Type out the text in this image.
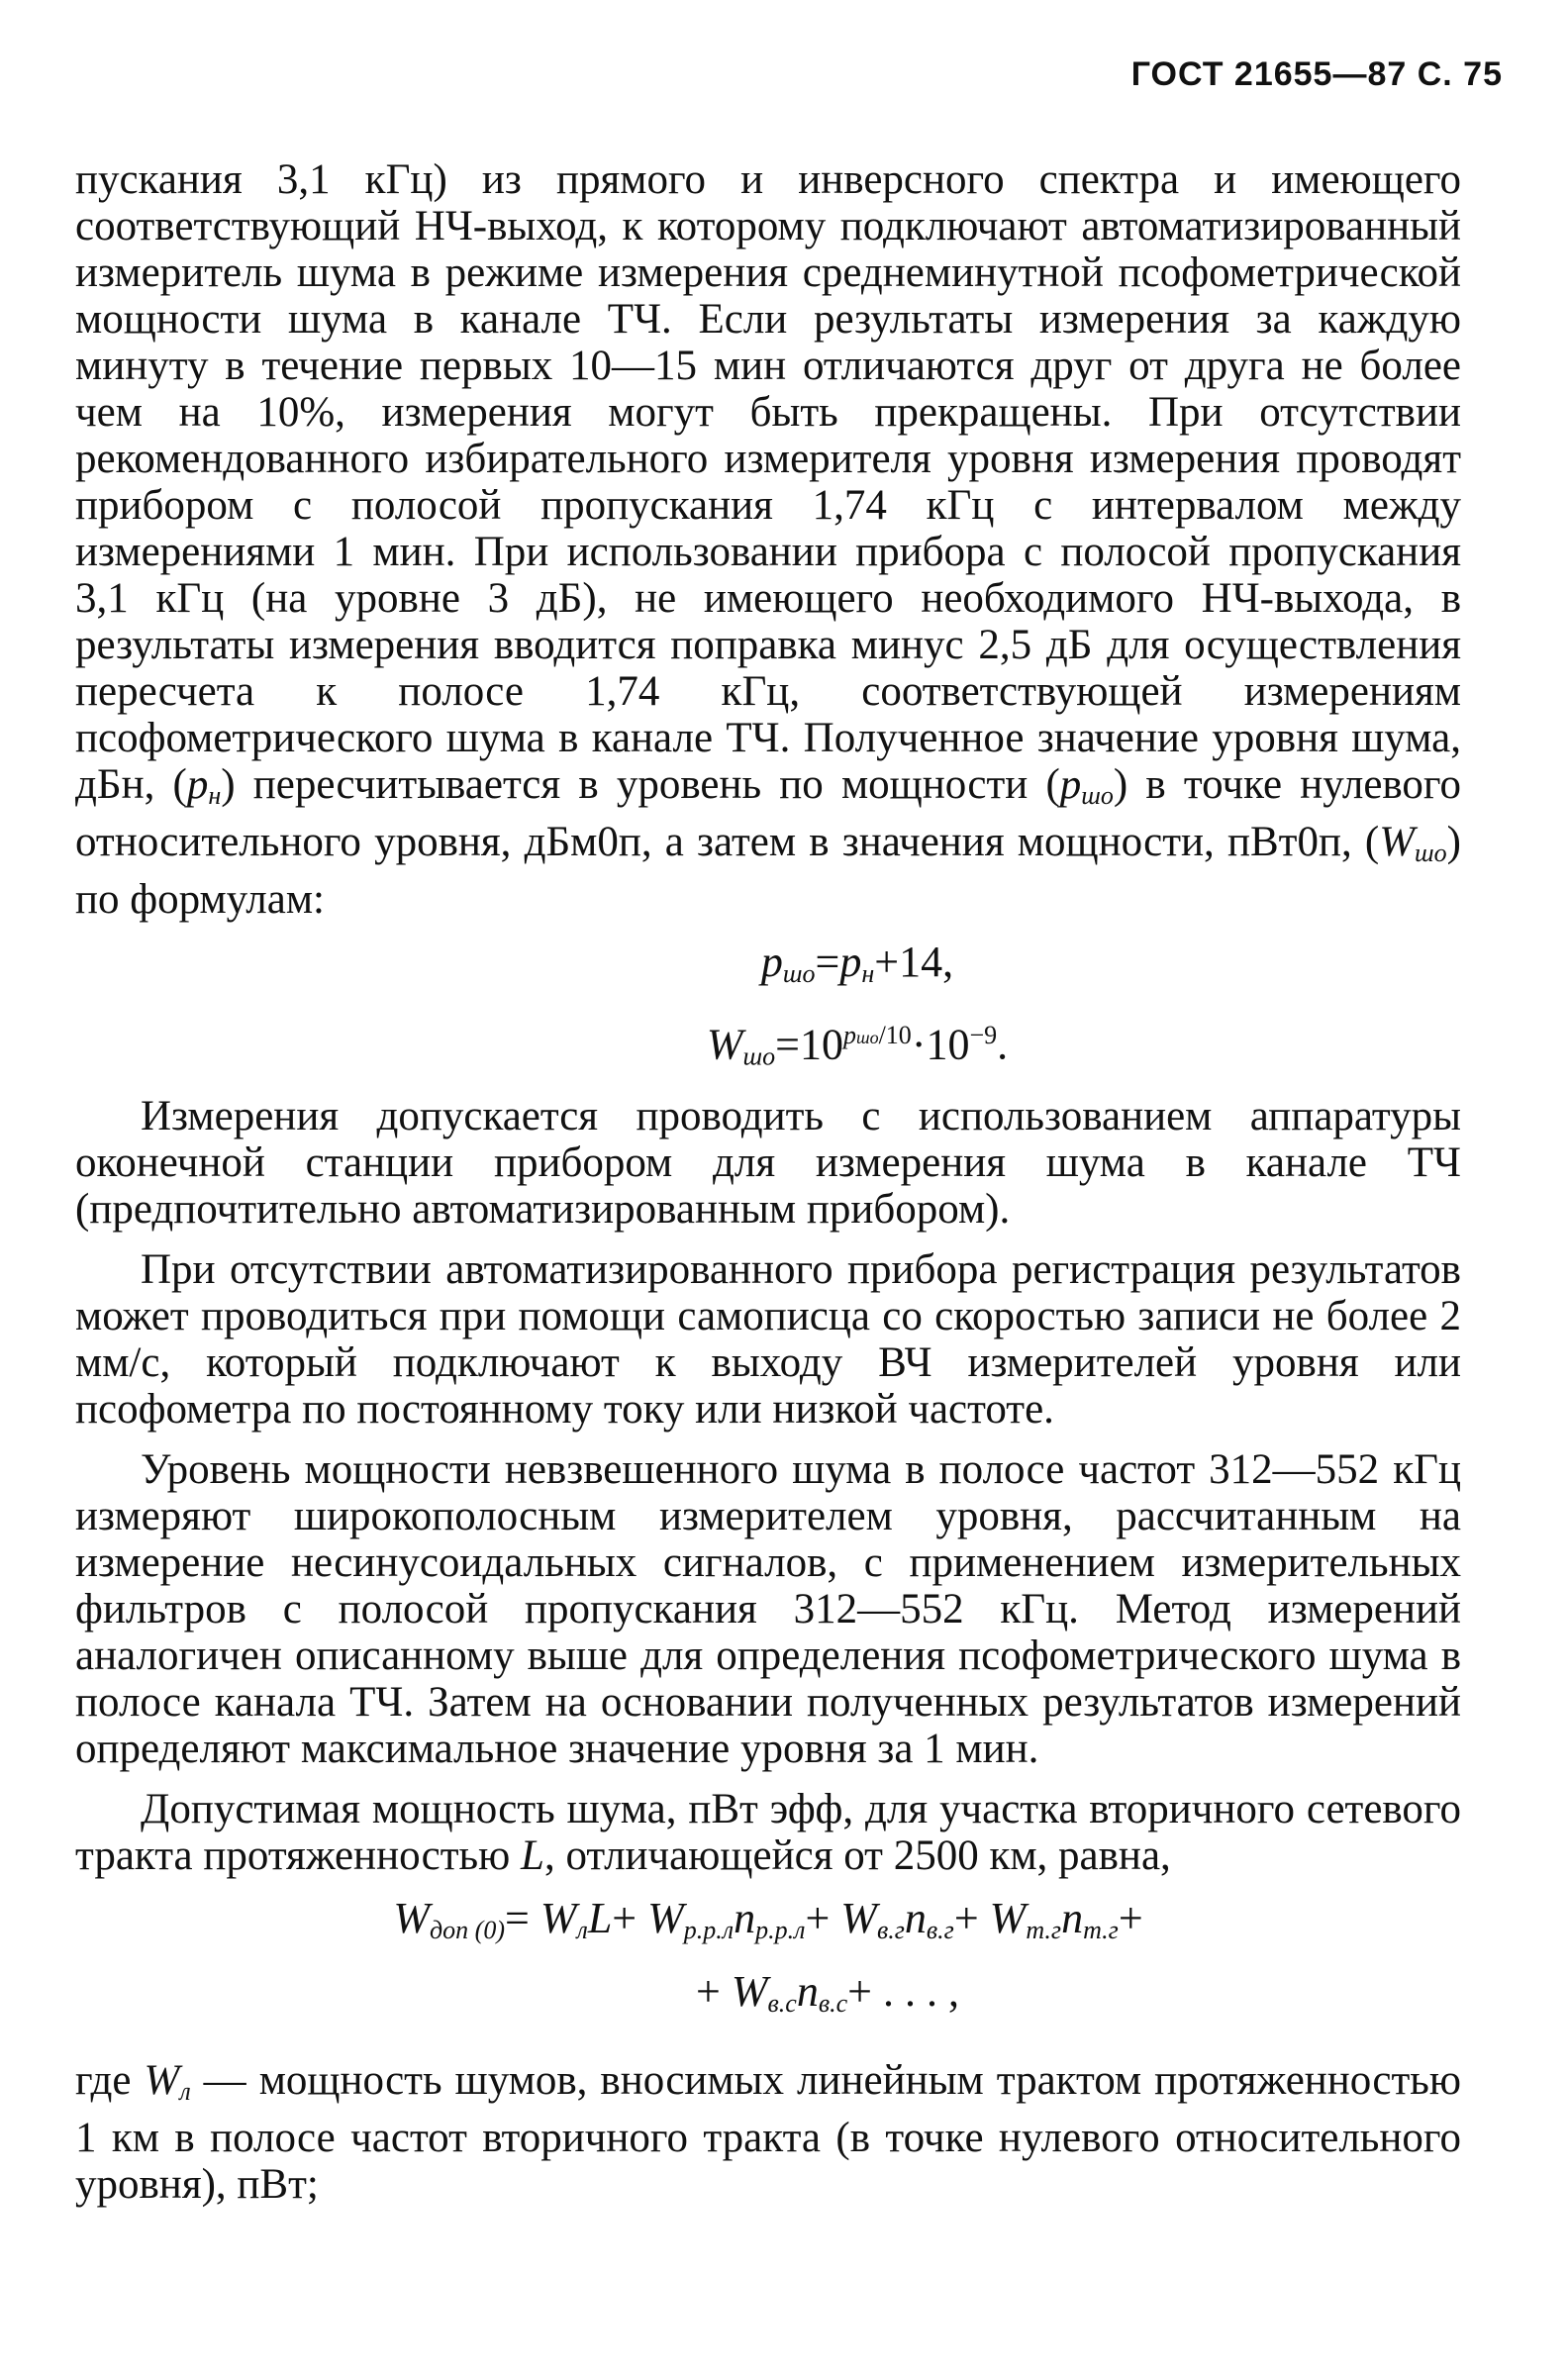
ГОСТ 21655—87 С. 75

пускания 3,1 кГц) из прямого и инверсного спектра и имеющего соответствующий НЧ-выход, к которому подключают автоматизированный измеритель шума в режиме измерения среднеминутной псофометрической мощности шума в канале ТЧ. Если результаты измерения за каждую минуту в течение первых 10—15 мин отличаются друг от друга не более чем на 10%, измерения могут быть прекращены. При отсутствии рекомендованного избирательного измерителя уровня измерения проводят прибором с полосой пропускания 1,74 кГц с интервалом между измерениями 1 мин. При использовании прибора с полосой пропускания 3,1 кГц (на уровне 3 дБ), не имеющего необходимого НЧ-выхода, в результаты измерения вводится поправка минус 2,5 дБ для осуществления пересчета к полосе 1,74 кГц, соответствующей измерениям псофометрического шума в канале ТЧ. Полученное значение уровня шума, дБн, $(p_н)$ пересчитывается в уровень по мощности $(p_{шо})$ в точке нулевого относительного уровня, дБм0п, а затем в значения мощности, пВт0п, $(W_{шо})$ по формулам:

$p_{шо}=p_н+14$,
$W_{шо}=10^{pшо/10}\cdot 10^{-9}$.

Измерения допускается проводить с использованием аппаратуры оконечной станции прибором для измерения шума в канале ТЧ (предпочтительно автоматизированным прибором).

При отсутствии автоматизированного прибора регистрация результатов может проводиться при помощи самописца со скоростью записи не более 2 мм/с, который подключают к выходу ВЧ измерителей уровня или псофометра по постоянному току или низкой частоте.

Уровень мощности невзвешенного шума в полосе частот 312—552 кГц измеряют широкополосным измерителем уровня, рассчитанным на измерение несинусоидальных сигналов, с применением измерительных фильтров с полосой пропускания 312—552 кГц. Метод измерений аналогичен описанному выше для определения псофометрического шума в полосе канала ТЧ. Затем на основании полученных результатов измерений определяют максимальное значение уровня за 1 мин.

Допустимая мощность шума, пВт эфф, для участка вторичного сетевого тракта протяженностью L, отличающейся от 2500 км, равна,

$W_{доп (0)}= W_лL+ W_{р.р.л}n_{р.р.л}+ W_{в.г}n_{в.г}+ W_{т.г}n_{т.г}+$
+ $W_{в.с}n_{в.с}+$ . . . ,

где $W_л$ — мощность шумов, вносимых линейным трактом протяженностью 1 км в полосе частот вторичного тракта (в точке нулевого относительного уровня), пВт;
